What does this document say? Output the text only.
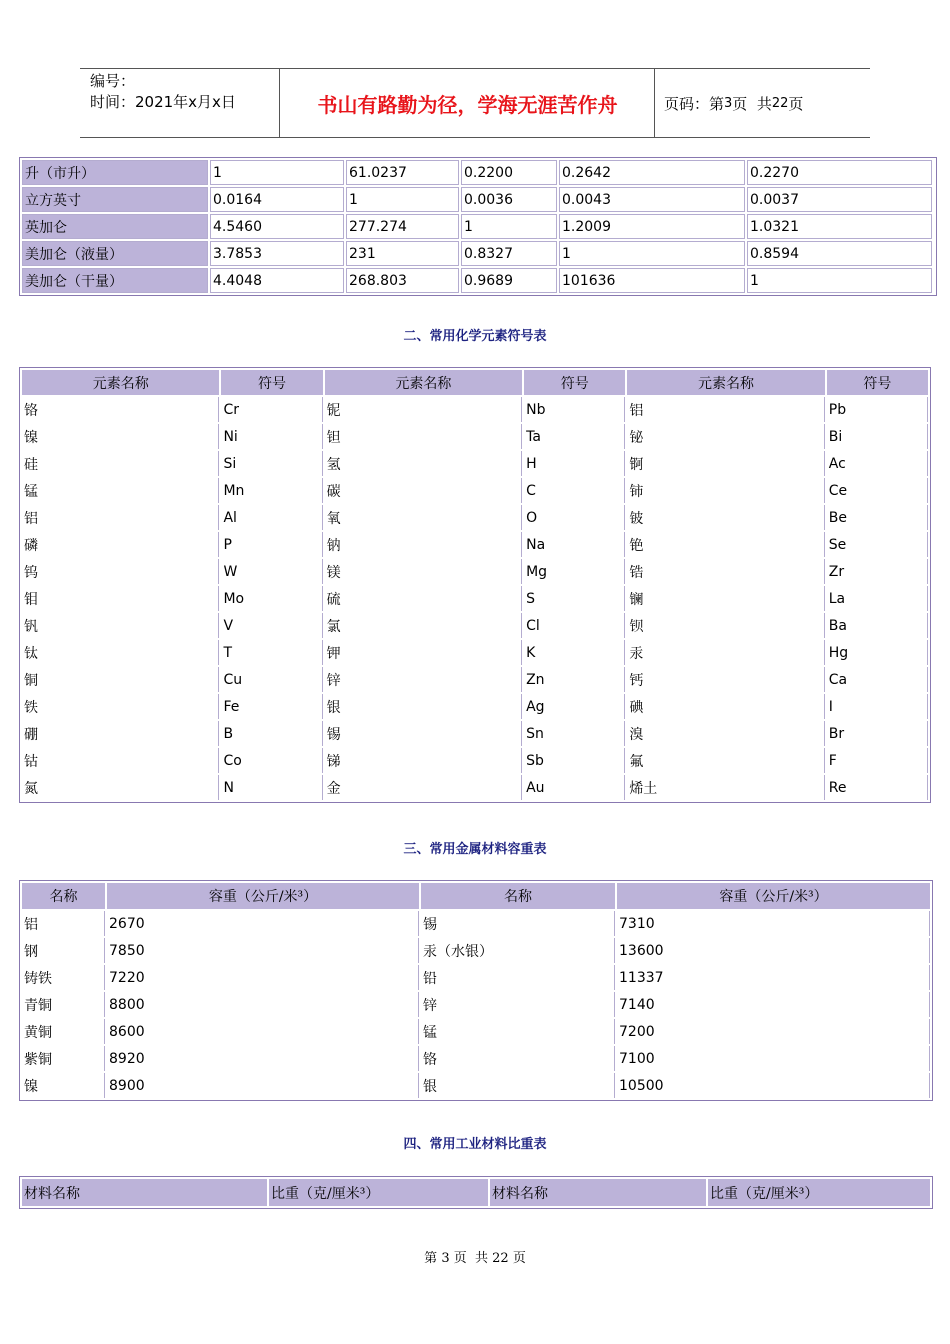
编号：
时间：2021年x月x日	书山有路勤为径，学海无涯苦作舟	页码：第 3 页  共 22 页
升（市升）	1	61.0237	0.2200	0.2642	0.2270	
立方英寸	0.0164	1	0.0036	0.0043	0.0037	
英加仑	4.5460	277.274	1	1.2009	1.0321	
美加仑（液量）	3.7853	231	0.8327	1	0.8594	
美加仑（干量）	4.4048	268.803	0.9689	101636	1	
二、常用化学元素符号表
元素名称	符号	元素名称	符号	元素名称	符号
铬	Cr	铌	Nb	铝	Pb
镍	Ni	钽	Ta	铋	Bi
硅	Si	氢	H	锕	Ac
锰	Mn	碳	C	铈	Ce
铝	Al	氧	O	铍	Be
磷	P	钠	Na	铯	Se
钨	W	镁	Mg	锆	Zr
钼	Mo	硫	S	镧	La
钒	V	氯	Cl	钡	Ba
钛	T	钾	K	汞	Hg
铜	Cu	锌	Zn	钙	Ca
铁	Fe	银	Ag	碘	I
硼	B	锡	Sn	溴	Br
钴	Co	锑	Sb	氟	F
氮	N	金	Au	烯土	Re
三、常用金属材料容重表
名称	容重（公斤/米³）	名称	容重（公斤/米³）
铝	2670	锡	7310
钢	7850	汞（水银）	13600
铸铁	7220	铅	11337
青铜	8800	锌	7140
黄铜	8600	锰	7200
紫铜	8920	铬	7100
镍	8900	银	10500
四、常用工业材料比重表
材料名称	比重（克/厘米³）	材料名称	比重（克/厘米³）
第 3 页  共 22 页
